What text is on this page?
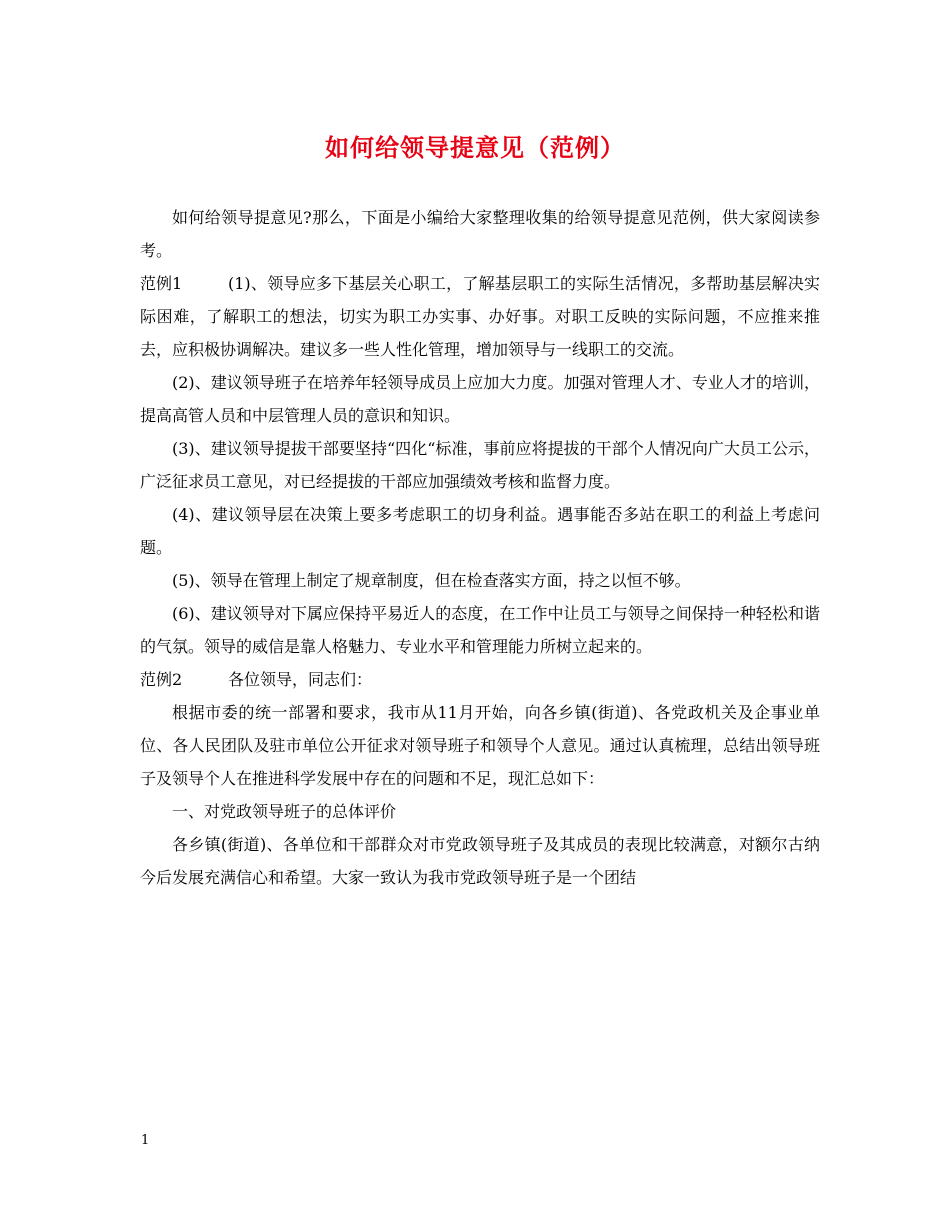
如何给领导提意见（范例）

如何给领导提意见?那么，下面是小编给大家整理收集的给领导提意见范例，供大家阅读参考。

范例1	(1)、领导应多下基层关心职工，了解基层职工的实际生活情况，多帮助基层解决实际困难，了解职工的想法，切实为职工办实事、办好事。对职工反映的实际问题，不应推来推去，应积极协调解决。建议多一些人性化管理，增加领导与一线职工的交流。

(2)、建议领导班子在培养年轻领导成员上应加大力度。加强对管理人才、专业人才的培训，提高高管人员和中层管理人员的意识和知识。

(3)、建议领导提拔干部要坚持“四化“标准，事前应将提拔的干部个人情况向广大员工公示，广泛征求员工意见，对已经提拔的干部应加强绩效考核和监督力度。

(4)、建议领导层在决策上要多考虑职工的切身利益。遇事能否多站在职工的利益上考虑问题。

(5)、领导在管理上制定了规章制度，但在检查落实方面，持之以恒不够。

(6)、建议领导对下属应保持平易近人的态度，在工作中让员工与领导之间保持一种轻松和谐的气氛。领导的威信是靠人格魅力、专业水平和管理能力所树立起来的。

范例2	各位领导，同志们：

根据市委的统一部署和要求，我市从11月开始，向各乡镇(街道)、各党政机关及企事业单位、各人民团队及驻市单位公开征求对领导班子和领导个人意见。通过认真梳理，总结出领导班子及领导个人在推进科学发展中存在的问题和不足，现汇总如下：

一、对党政领导班子的总体评价

各乡镇(街道)、各单位和干部群众对市党政领导班子及其成员的表现比较满意，对额尔古纳今后发展充满信心和希望。大家一致认为我市党政领导班子是一个团结

1
